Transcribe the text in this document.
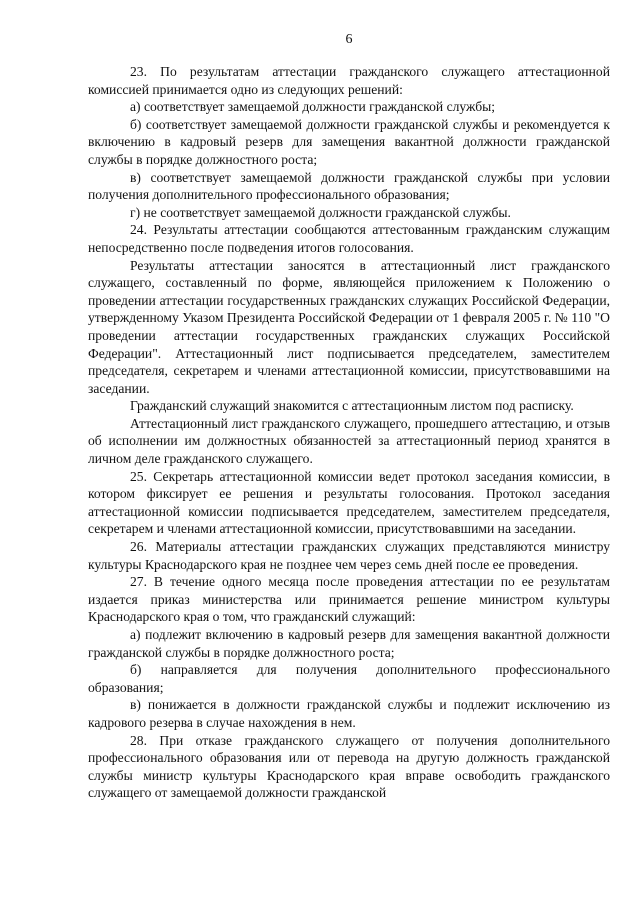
6

23. По результатам аттестации гражданского служащего аттестационной комиссией принимается одно из следующих решений:

а) соответствует замещаемой должности гражданской службы;

б) соответствует замещаемой должности гражданской службы и рекомендуется к включению в кадровый резерв для замещения вакантной должности гражданской службы в порядке должностного роста;

в) соответствует замещаемой должности гражданской службы при условии получения дополнительного профессионального образования;

г) не соответствует замещаемой должности гражданской службы.

24. Результаты аттестации сообщаются аттестованным гражданским служащим непосредственно после подведения итогов голосования.

Результаты аттестации заносятся в аттестационный лист гражданского служащего, составленный по форме, являющейся приложением к Положению о проведении аттестации государственных гражданских служащих Российской Федерации, утвержденному Указом Президента Российской Федерации от 1 февраля 2005 г. № 110 "О проведении аттестации государственных гражданских служащих Российской Федерации". Аттестационный лист подписывается председателем, заместителем председателя, секретарем и членами аттестационной комиссии, присутствовавшими на заседании.

Гражданский служащий знакомится с аттестационным листом под расписку.

Аттестационный лист гражданского служащего, прошедшего аттестацию, и отзыв об исполнении им должностных обязанностей за аттестационный период хранятся в личном деле гражданского служащего.

25. Секретарь аттестационной комиссии ведет протокол заседания комиссии, в котором фиксирует ее решения и результаты голосования. Протокол заседания аттестационной комиссии подписывается председателем, заместителем председателя, секретарем и членами аттестационной комиссии, присутствовавшими на заседании.

26. Материалы аттестации гражданских служащих представляются министру культуры Краснодарского края не позднее чем через семь дней после ее проведения.

27. В течение одного месяца после проведения аттестации по ее результатам издается приказ министерства или принимается решение министром культуры Краснодарского края о том, что гражданский служащий:

а) подлежит включению в кадровый резерв для замещения вакантной должности гражданской службы в порядке должностного роста;

б) направляется для получения дополнительного профессионального образования;

в) понижается в должности гражданской службы и подлежит исключению из кадрового резерва в случае нахождения в нем.

28. При отказе гражданского служащего от получения дополнительного профессионального образования или от перевода на другую должность гражданской службы министр культуры Краснодарского края вправе освободить гражданского служащего от замещаемой должности гражданской
